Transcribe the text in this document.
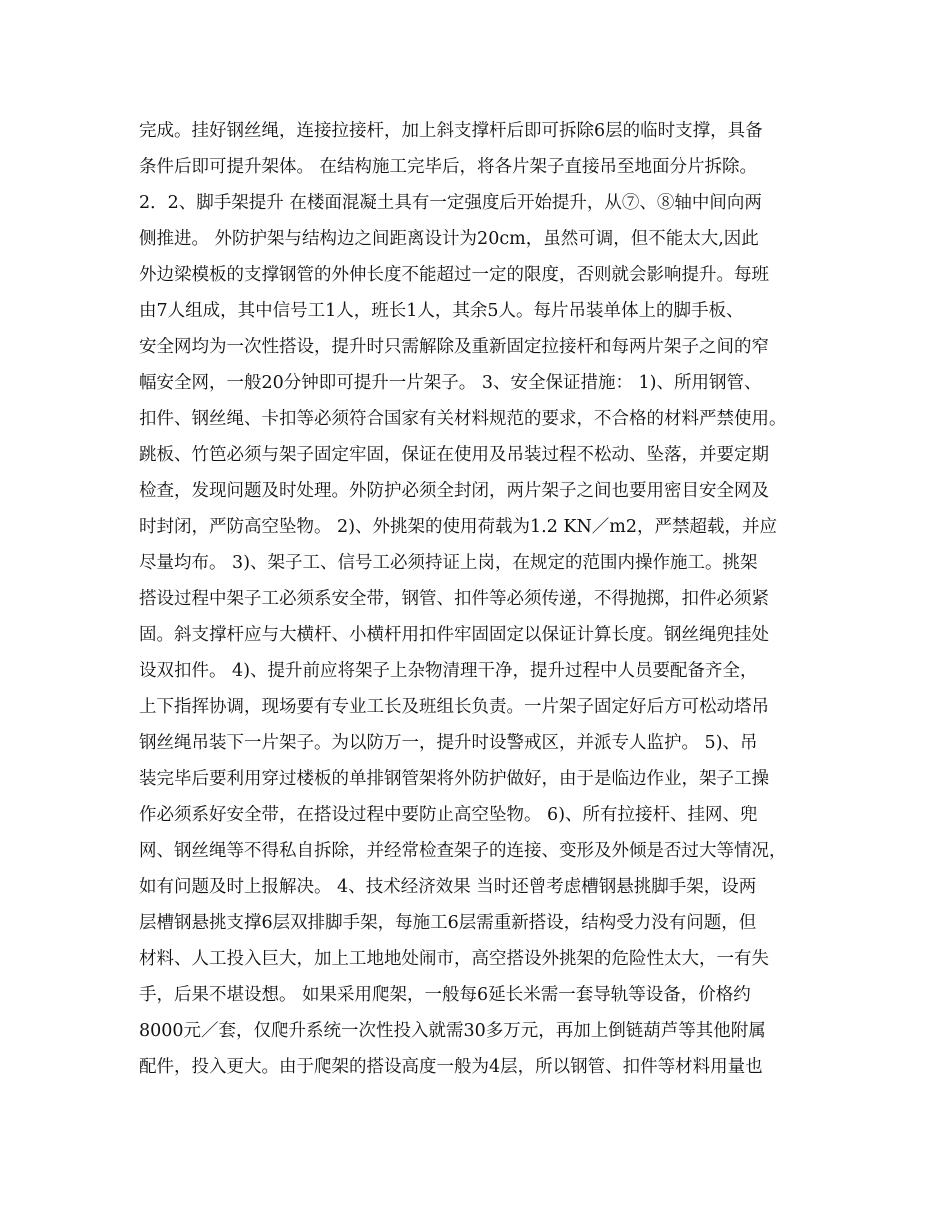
完成。挂好钢丝绳，连接拉接杆，加上斜支撑杆后即可拆除6层的临时支撑，具备
条件后即可提升架体。 在结构施工完毕后，将各片架子直接吊至地面分片拆除。
2．2、脚手架提升 在楼面混凝土具有一定强度后开始提升，从⑦、⑧轴中间向两
侧推进。 外防护架与结构边之间距离设计为20cm，虽然可调，但不能太大,因此
外边梁模板的支撑钢管的外伸长度不能超过一定的限度，否则就会影响提升。每班
由7人组成，其中信号工1人，班长1人，其余5人。每片吊装单体上的脚手板、
安全网均为一次性搭设，提升时只需解除及重新固定拉接杆和每两片架子之间的窄
幅安全网，一般20分钟即可提升一片架子。 3、安全保证措施： 1)、所用钢管、
扣件、钢丝绳、卡扣等必须符合国家有关材料规范的要求，不合格的材料严禁使用。
跳板、竹笆必须与架子固定牢固，保证在使用及吊装过程不松动、坠落，并要定期
检查，发现问题及时处理。外防护必须全封闭，两片架子之间也要用密目安全网及
时封闭，严防高空坠物。 2)、外挑架的使用荷载为1.2 KN／m2，严禁超载，并应
尽量均布。 3)、架子工、信号工必须持证上岗，在规定的范围内操作施工。挑架
搭设过程中架子工必须系安全带，钢管、扣件等必须传递，不得抛掷，扣件必须紧
固。斜支撑杆应与大横杆、小横杆用扣件牢固固定以保证计算长度。钢丝绳兜挂处
设双扣件。 4)、提升前应将架子上杂物清理干净，提升过程中人员要配备齐全，
上下指挥协调，现场要有专业工长及班组长负责。一片架子固定好后方可松动塔吊
钢丝绳吊装下一片架子。为以防万一，提升时设警戒区，并派专人监护。 5)、吊
装完毕后要利用穿过楼板的单排钢管架将外防护做好，由于是临边作业，架子工操
作必须系好安全带，在搭设过程中要防止高空坠物。 6)、所有拉接杆、挂网、兜
网、钢丝绳等不得私自拆除，并经常检查架子的连接、变形及外倾是否过大等情况，
如有问题及时上报解决。 4、技术经济效果 当时还曾考虑槽钢悬挑脚手架，设两
层槽钢悬挑支撑6层双排脚手架，每施工6层需重新搭设，结构受力没有问题，但
材料、人工投入巨大，加上工地地处闹市，高空搭设外挑架的危险性太大，一有失
手，后果不堪设想。 如果采用爬架，一般每6延长米需一套导轨等设备，价格约
8000元／套，仅爬升系统一次性投入就需30多万元，再加上倒链葫芦等其他附属
配件，投入更大。由于爬架的搭设高度一般为4层，所以钢管、扣件等材料用量也
